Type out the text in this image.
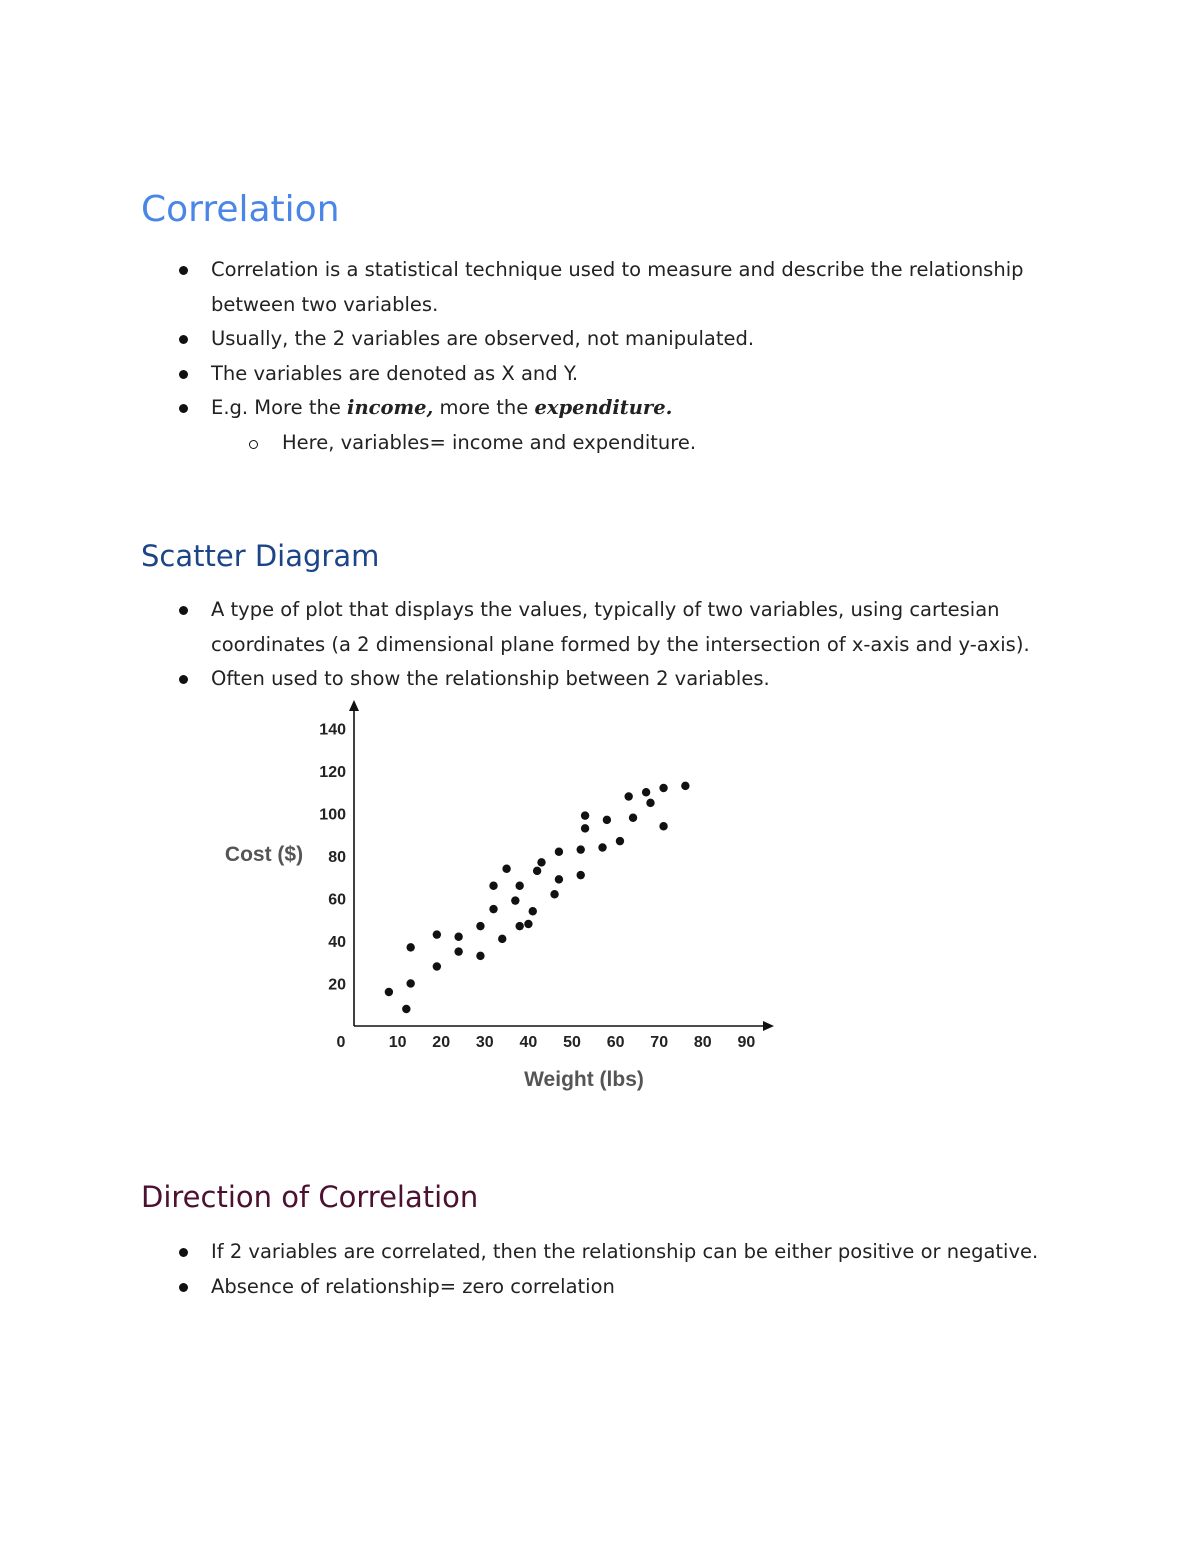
Correlation
Correlation is a statistical technique used to measure and describe the relationship between two variables.
Usually, the 2 variables are observed, not manipulated.
The variables are denoted as X and Y.
E.g. More the income, more the expenditure.
Here, variables= income and expenditure.
Scatter Diagram
A type of plot that displays the values, typically of two variables, using cartesian coordinates (a 2 dimensional plane formed by the intersection of x-axis and y-axis).
Often used to show the relationship between 2 variables.
0	10 20 30 40 50 60 70 80 90
20
40
60
80
100
120
140
Weight (lbs)
Cost ($)
Direction of Correlation
If 2 variables are correlated, then the relationship can be either positive or negative.
Absence of relationship= zero correlation
